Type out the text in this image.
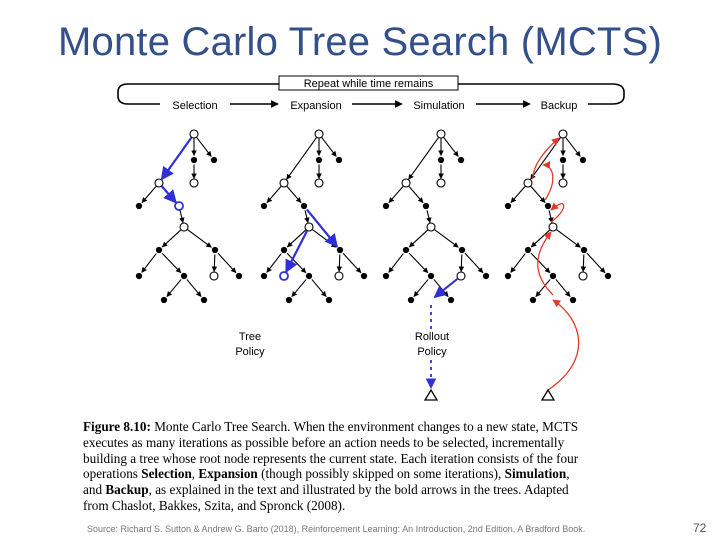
Monte Carlo Tree Search (MCTS)
Repeat while time remains
Selection	Expansion	Simulation	Backup
Tree
Policy
Rollout
Policy
Figure 8.10: Monte Carlo Tree Search. When the environment changes to a new state, MCTS
executes as many iterations as possible before an action needs to be selected, incrementally
building a tree whose root node represents the current state. Each iteration consists of the four
operations Selection, Expansion (though possibly skipped on some iterations), Simulation,
and Backup, as explained in the text and illustrated by the bold arrows in the trees. Adapted
from Chaslot, Bakkes, Szita, and Spronck (2008).
Source: Richard S. Sutton & Andrew G. Barto (2018), Reinforcement Learning: An Introduction, 2nd Edition, A Bradford Book.	72
